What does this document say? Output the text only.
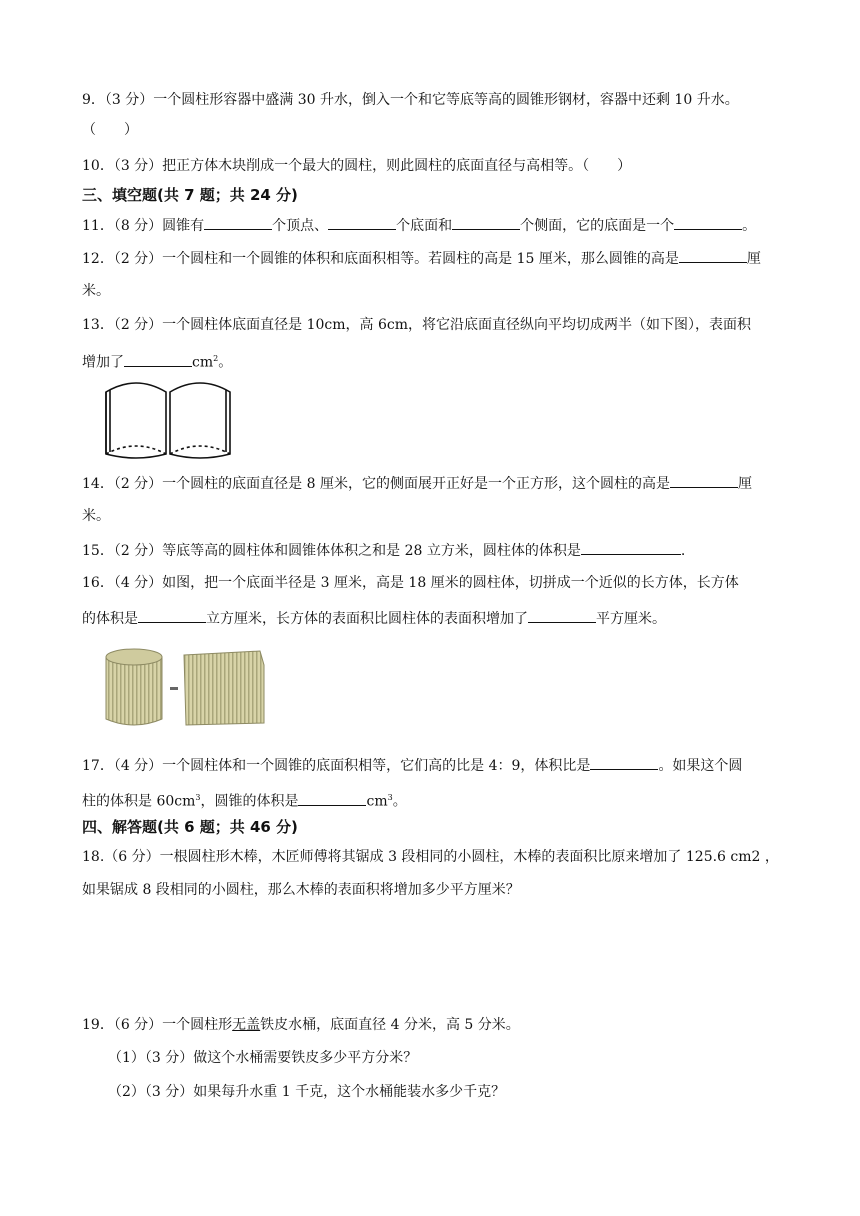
9．（3 分）一个圆柱形容器中盛满 30 升水，倒入一个和它等底等高的圆锥形钢材，容器中还剩 10 升水。
（　　）
10．（3 分）把正方体木块削成一个最大的圆柱，则此圆柱的底面直径与高相等。（　　）
三、填空题(共 7 题；共 24 分)
11．（8 分）圆锥有	个顶点、	个底面和	个侧面，它的底面是一个	。
12．（2 分）一个圆柱和一个圆锥的体积和底面积相等。若圆柱的高是 15 厘米，那么圆锥的高是	厘
米。
13．（2 分）一个圆柱体底面直径是 10cm，高 6cm，将它沿底面直径纵向平均切成两半（如下图），表面积
增加了	$cm^2$。
14．（2 分）一个圆柱的底面直径是 8 厘米，它的侧面展开正好是一个正方形，这个圆柱的高是	厘
米。
15．（2 分）等底等高的圆柱体和圆锥体体积之和是 28 立方米，圆柱体的体积是	.
16．（4 分）如图，把一个底面半径是 3 厘米，高是 18 厘米的圆柱体，切拼成一个近似的长方体，长方体
的体积是	立方厘米，长方体的表面积比圆柱体的表面积增加了	平方厘米。
17．（4 分）一个圆柱体和一个圆锥的底面积相等，它们高的比是 4：9，体积比是	。如果这个圆
柱的体积是 $60cm^3$，圆锥的体积是	$cm^3$。
四、解答题(共 6 题；共 46 分)
18.（6 分）一根圆柱形木棒，木匠师傅将其锯成 3 段相同的小圆柱，木棒的表面积比原来增加了 125.6 cm2 ，
如果锯成 8 段相同的小圆柱，那么木棒的表面积将增加多少平方厘米？
19．（6 分）一个圆柱形无盖铁皮水桶，底面直径 4 分米，高 5 分米。
（1）（3 分）做这个水桶需要铁皮多少平方分米？
（2）（3 分）如果每升水重 1 千克，这个水桶能装水多少千克？
